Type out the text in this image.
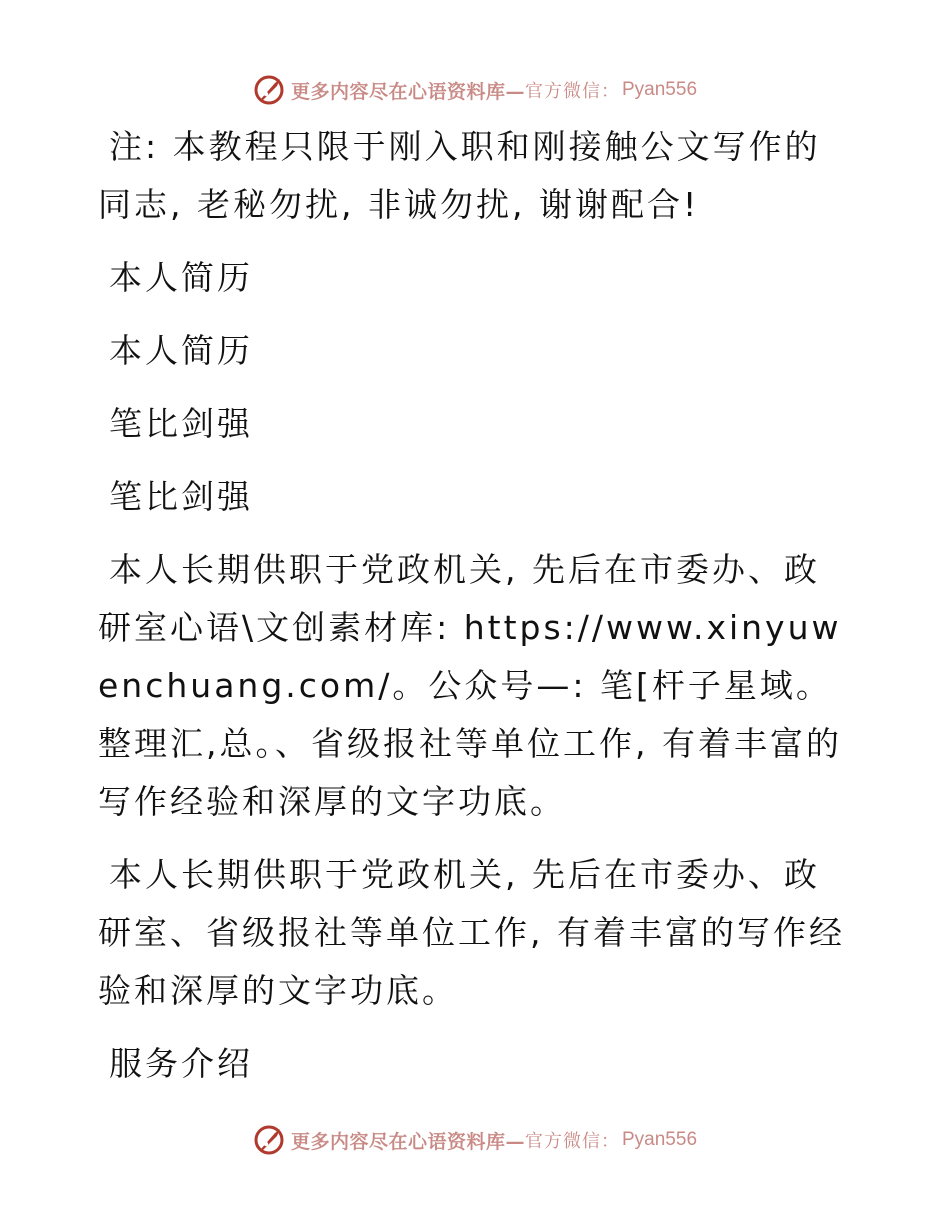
更多内容尽在心语资料库— 官方微信： Pyan556

注: 本教程只限于刚入职和刚接触公文写作的同志, 老秘勿扰, 非诚勿扰, 谢谢配合!

本人简历

本人简历

笔比剑强

笔比剑强

本人长期供职于党政机关, 先后在市委办、政研室心语\文创素材库: https://www.xinyuwenchuang.com/。公众号—: 笔[杆子星域。整理汇,总。、省级报社等单位工作, 有着丰富的写作经验和深厚的文字功底。

本人长期供职于党政机关, 先后在市委办、政研室、省级报社等单位工作, 有着丰富的写作经验和深厚的文字功底。

服务介绍

更多内容尽在心语资料库— 官方微信： Pyan556
